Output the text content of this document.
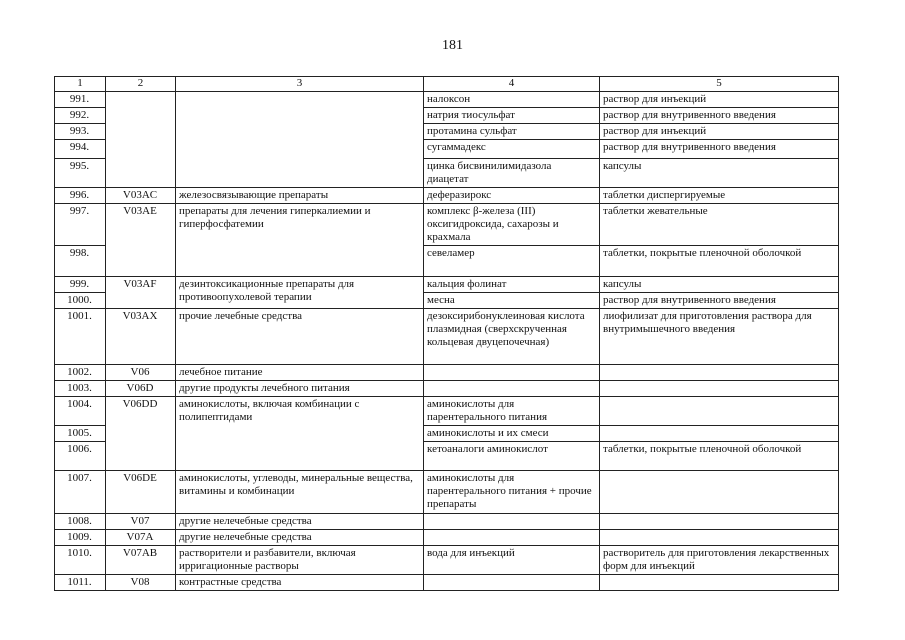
181
1	2	3	4	5
991.			налоксон	раствор для инъекций
992.			натрия тиосульфат	раствор для внутривенного введения
993.			протамина сульфат	раствор для инъекций
994.			сугаммадекс	раствор для внутривенного введения
995.			цинка бисвинилимидазола диацетат	капсулы
996.	V03AC	железосвязывающие препараты	деферазирокс	таблетки диспергируемые
997.	V03AE	препараты для лечения гиперкалиемии и гиперфосфатемии	комплекс β-железа (III) оксигидроксида, сахарозы и крахмала	таблетки жевательные
998.			севеламер	таблетки, покрытые пленочной оболочкой
999.	V03AF	дезинтоксикационные препараты для противоопухолевой терапии	кальция фолинат	капсулы
1000.			месна	раствор для внутривенного введения
1001.	V03AX	прочие лечебные средства	дезоксирибонуклеиновая кислота плазмидная (сверхскрученная кольцевая двуцепочечная)	лиофилизат для приготовления раствора для внутримышечного введения
1002.	V06	лечебное питание		
1003.	V06D	другие продукты лечебного питания		
1004.	V06DD	аминокислоты, включая комбинации с полипептидами	аминокислоты для парентерального питания	
1005.			аминокислоты и их смеси	
1006.			кетоаналоги аминокислот	таблетки, покрытые пленочной оболочкой
1007.	V06DE	аминокислоты, углеводы, минеральные вещества, витамины и комбинации	аминокислоты для парентерального питания + прочие препараты	
1008.	V07	другие нелечебные средства		
1009.	V07A	другие нелечебные средства		
1010.	V07AB	растворители и разбавители, включая ирригационные растворы	вода для инъекций	растворитель для приготовления лекарственных форм для инъекций
1011.	V08	контрастные средства		
